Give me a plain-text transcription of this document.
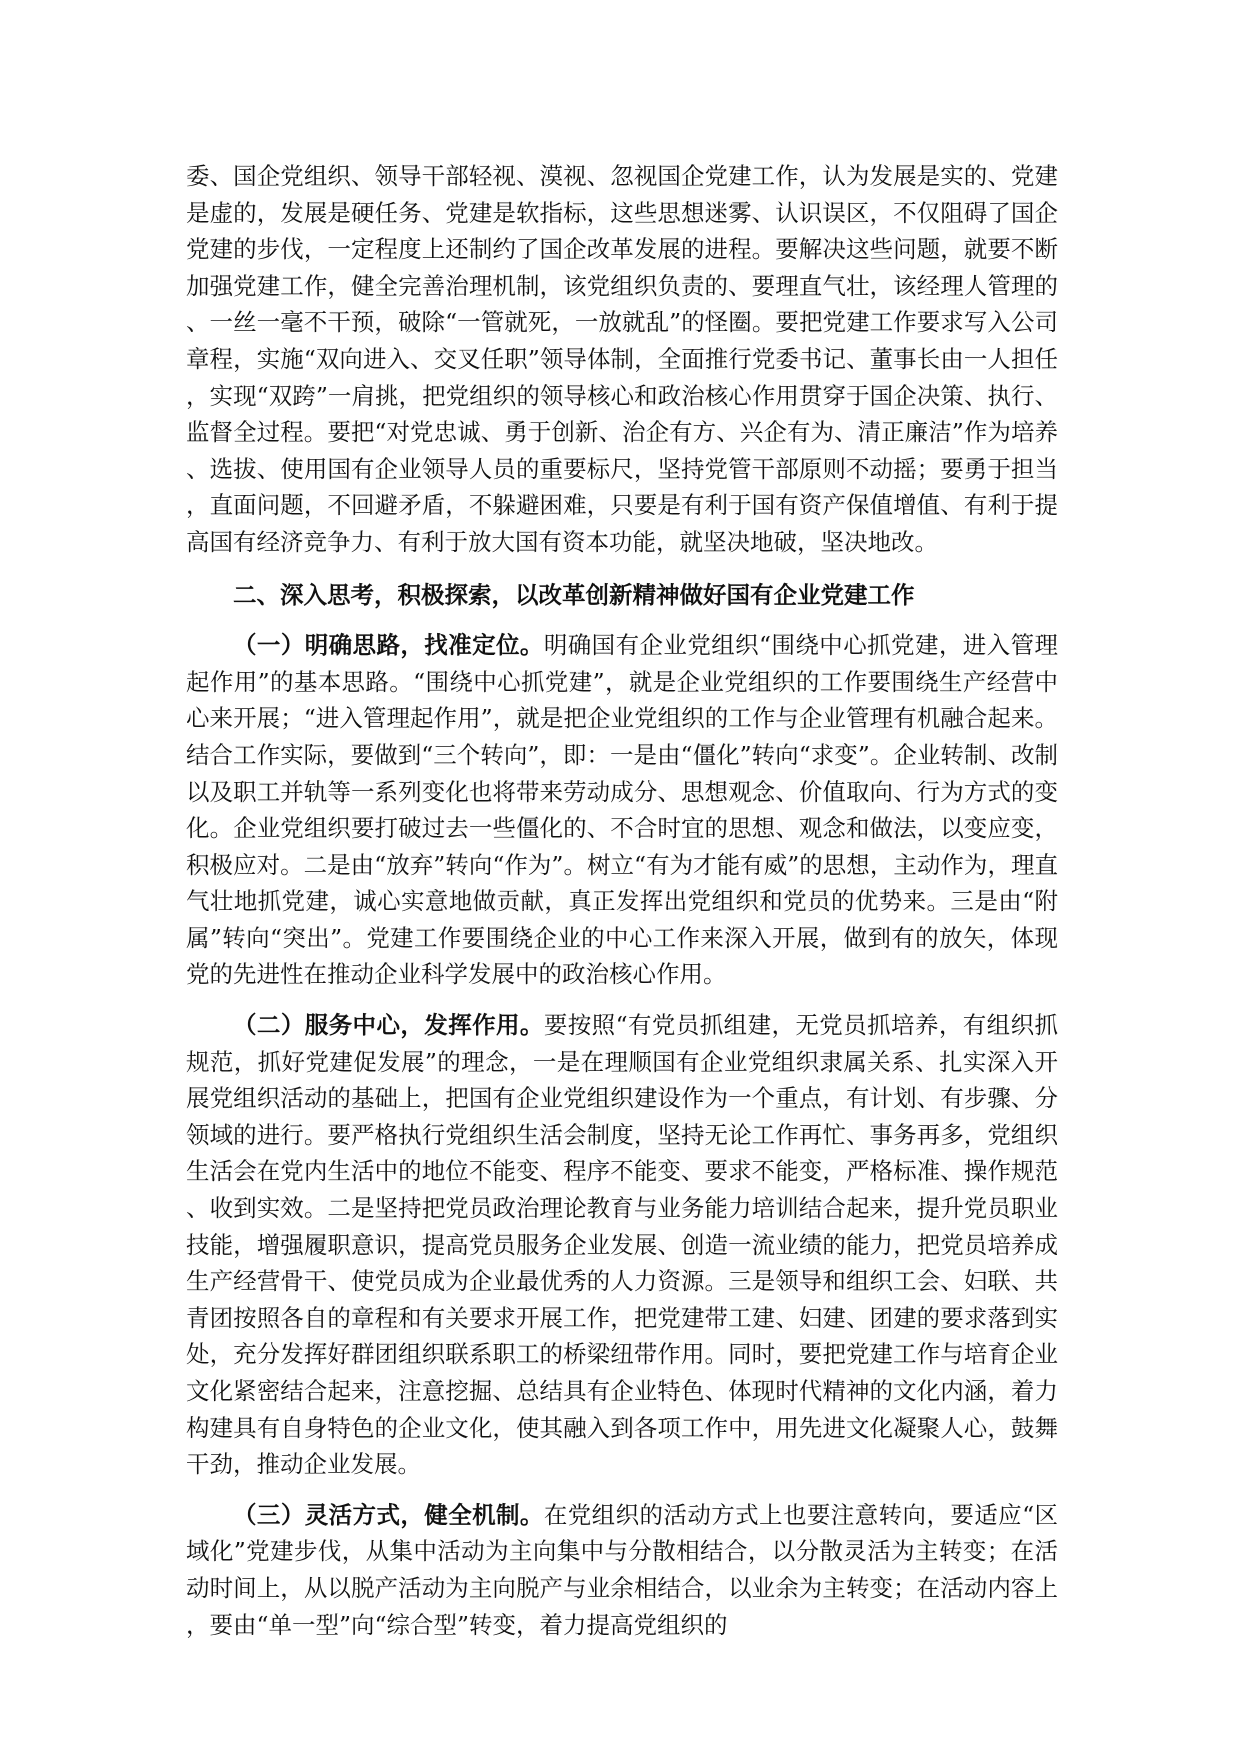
委、国企党组织、领导干部轻视、漠视、忽视国企党建工作，认为发展是实的、党建是虚的，发展是硬任务、党建是软指标，这些思想迷雾、认识误区，不仅阻碍了国企党建的步伐，一定程度上还制约了国企改革发展的进程。要解决这些问题，就要不断加强党建工作，健全完善治理机制，该党组织负责的、要理直气壮，该经理人管理的、一丝一毫不干预，破除“一管就死，一放就乱”的怪圈。要把党建工作要求写入公司章程，实施“双向进入、交叉任职”领导体制，全面推行党委书记、董事长由一人担任，实现“双跨”一肩挑，把党组织的领导核心和政治核心作用贯穿于国企决策、执行、监督全过程。要把“对党忠诚、勇于创新、治企有方、兴企有为、清正廉洁”作为培养、选拔、使用国有企业领导人员的重要标尺，坚持党管干部原则不动摇；要勇于担当，直面问题，不回避矛盾，不躲避困难，只要是有利于国有资产保值增值、有利于提高国有经济竞争力、有利于放大国有资本功能，就坚决地破，坚决地改。

二、深入思考，积极探索，以改革创新精神做好国有企业党建工作

（一）明确思路，找准定位。明确国有企业党组织“围绕中心抓党建，进入管理起作用”的基本思路。“围绕中心抓党建”，就是企业党组织的工作要围绕生产经营中心来开展；“进入管理起作用”，就是把企业党组织的工作与企业管理有机融合起来。结合工作实际，要做到“三个转向”，即：一是由“僵化”转向“求变”。企业转制、改制以及职工并轨等一系列变化也将带来劳动成分、思想观念、价值取向、行为方式的变化。企业党组织要打破过去一些僵化的、不合时宜的思想、观念和做法，以变应变，积极应对。二是由“放弃”转向“作为”。树立“有为才能有威”的思想，主动作为，理直气壮地抓党建，诚心实意地做贡献，真正发挥出党组织和党员的优势来。三是由“附属”转向“突出”。党建工作要围绕企业的中心工作来深入开展，做到有的放矢，体现党的先进性在推动企业科学发展中的政治核心作用。

（二）服务中心，发挥作用。要按照“有党员抓组建，无党员抓培养，有组织抓规范，抓好党建促发展”的理念，一是在理顺国有企业党组织隶属关系、扎实深入开展党组织活动的基础上，把国有企业党组织建设作为一个重点，有计划、有步骤、分领域的进行。要严格执行党组织生活会制度，坚持无论工作再忙、事务再多，党组织生活会在党内生活中的地位不能变、程序不能变、要求不能变，严格标准、操作规范、收到实效。二是坚持把党员政治理论教育与业务能力培训结合起来，提升党员职业技能，增强履职意识，提高党员服务企业发展、创造一流业绩的能力，把党员培养成生产经营骨干、使党员成为企业最优秀的人力资源。三是领导和组织工会、妇联、共青团按照各自的章程和有关要求开展工作，把党建带工建、妇建、团建的要求落到实处，充分发挥好群团组织联系职工的桥梁纽带作用。同时，要把党建工作与培育企业文化紧密结合起来，注意挖掘、总结具有企业特色、体现时代精神的文化内涵，着力构建具有自身特色的企业文化，使其融入到各项工作中，用先进文化凝聚人心，鼓舞干劲，推动企业发展。

（三）灵活方式，健全机制。在党组织的活动方式上也要注意转向，要适应“区域化”党建步伐，从集中活动为主向集中与分散相结合，以分散灵活为主转变；在活动时间上，从以脱产活动为主向脱产与业余相结合，以业余为主转变；在活动内容上，要由“单一型”向“综合型”转变，着力提高党组织的
